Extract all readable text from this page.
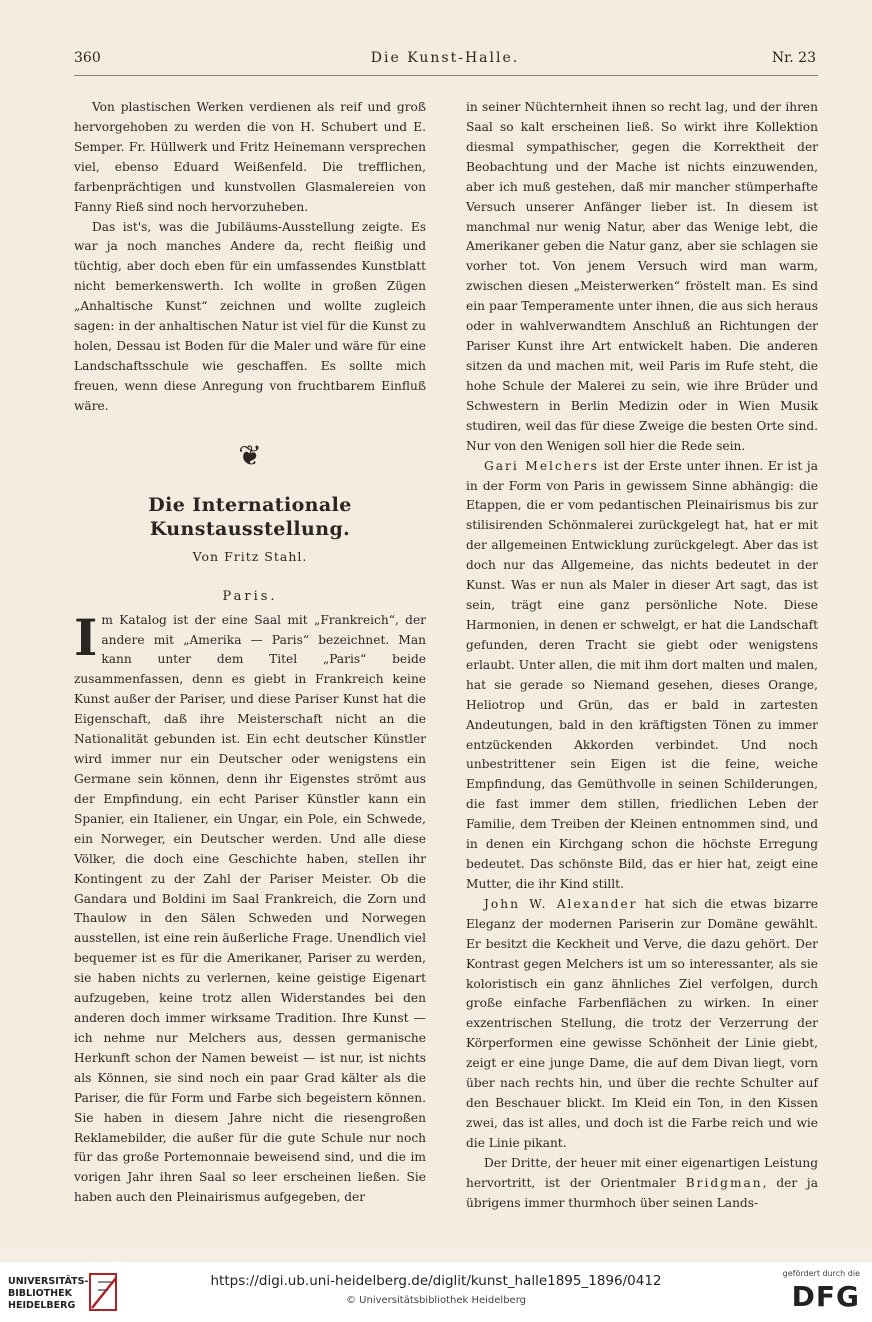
360	Die Kunst-Halle.	Nr. 23

Von plastischen Werken verdienen als reif und groß hervorgehoben zu werden die von H. Schubert und E. Semper. Fr. Hüllwerk und Fritz Heinemann versprechen viel, ebenso Eduard Weißenfeld. Die trefflichen, farbenprächtigen und kunstvollen Glasmalereien von Fanny Rieß sind noch hervorzuheben.

Das ist's, was die Jubiläums-Ausstellung zeigte. Es war ja noch manches Andere da, recht fleißig und tüchtig, aber doch eben für ein umfassendes Kunstblatt nicht bemerkenswerth. Ich wollte in großen Zügen „Anhaltische Kunst“ zeichnen und wollte zugleich sagen: in der anhaltischen Natur ist viel für die Kunst zu holen, Dessau ist Boden für die Maler und wäre für eine Landschaftsschule wie geschaffen. Es sollte mich freuen, wenn diese Anregung von fruchtbarem Einfluß wäre.

❦
Die Internationale Kunstausstellung.
Von Fritz Stahl.
Paris.

Im Katalog ist der eine Saal mit „Frankreich“, der andere mit „Amerika — Paris“ bezeichnet. Man kann unter dem Titel „Paris“ beide zusammenfassen, denn es giebt in Frankreich keine Kunst außer der Pariser, und diese Pariser Kunst hat die Eigenschaft, daß ihre Meisterschaft nicht an die Nationalität gebunden ist. Ein echt deutscher Künstler wird immer nur ein Deutscher oder wenigstens ein Germane sein können, denn ihr Eigenstes strömt aus der Empfindung, ein echt Pariser Künstler kann ein Spanier, ein Italiener, ein Ungar, ein Pole, ein Schwede, ein Norweger, ein Deutscher werden. Und alle diese Völker, die doch eine Geschichte haben, stellen ihr Kontingent zu der Zahl der Pariser Meister. Ob die Gandara und Boldini im Saal Frankreich, die Zorn und Thaulow in den Sälen Schweden und Norwegen ausstellen, ist eine rein äußerliche Frage. Unendlich viel bequemer ist es für die Amerikaner, Pariser zu werden, sie haben nichts zu verlernen, keine geistige Eigenart aufzugeben, keine trotz allen Widerstandes bei den anderen doch immer wirksame Tradition. Ihre Kunst — ich nehme nur Melchers aus, dessen germanische Herkunft schon der Namen beweist — ist nur, ist nichts als Können, sie sind noch ein paar Grad kälter als die Pariser, die für Form und Farbe sich begeistern können. Sie haben in diesem Jahre nicht die riesengroßen Reklamebilder, die außer für die gute Schule nur noch für das große Portemonnaie beweisend sind, und die im vorigen Jahr ihren Saal so leer erscheinen ließen. Sie haben auch den Pleinairismus aufgegeben, der

in seiner Nüchternheit ihnen so recht lag, und der ihren Saal so kalt erscheinen ließ. So wirkt ihre Kollektion diesmal sympathischer, gegen die Korrektheit der Beobachtung und der Mache ist nichts einzuwenden, aber ich muß gestehen, daß mir mancher stümperhafte Versuch unserer Anfänger lieber ist. In diesem ist manchmal nur wenig Natur, aber das Wenige lebt, die Amerikaner geben die Natur ganz, aber sie schlagen sie vorher tot. Von jenem Versuch wird man warm, zwischen diesen „Meisterwerken“ fröstelt man. Es sind ein paar Temperamente unter ihnen, die aus sich heraus oder in wahlverwandtem Anschluß an Richtungen der Pariser Kunst ihre Art entwickelt haben. Die anderen sitzen da und machen mit, weil Paris im Rufe steht, die hohe Schule der Malerei zu sein, wie ihre Brüder und Schwestern in Berlin Medizin oder in Wien Musik studiren, weil das für diese Zweige die besten Orte sind. Nur von den Wenigen soll hier die Rede sein.

Gari Melchers ist der Erste unter ihnen. Er ist ja in der Form von Paris in gewissem Sinne abhängig: die Etappen, die er vom pedantischen Pleinairismus bis zur stilisirenden Schönmalerei zurückgelegt hat, hat er mit der allgemeinen Entwicklung zurückgelegt. Aber das ist doch nur das Allgemeine, das nichts bedeutet in der Kunst. Was er nun als Maler in dieser Art sagt, das ist sein, trägt eine ganz persönliche Note. Diese Harmonien, in denen er schwelgt, er hat die Landschaft gefunden, deren Tracht sie giebt oder wenigstens erlaubt. Unter allen, die mit ihm dort malten und malen, hat sie gerade so Niemand gesehen, dieses Orange, Heliotrop und Grün, das er bald in zartesten Andeutungen, bald in den kräftigsten Tönen zu immer entzückenden Akkorden verbindet. Und noch unbestrittener sein Eigen ist die feine, weiche Empfindung, das Gemüthvolle in seinen Schilderungen, die fast immer dem stillen, friedlichen Leben der Familie, dem Treiben der Kleinen entnommen sind, und in denen ein Kirchgang schon die höchste Erregung bedeutet. Das schönste Bild, das er hier hat, zeigt eine Mutter, die ihr Kind stillt.

John W. Alexander hat sich die etwas bizarre Eleganz der modernen Pariserin zur Domäne gewählt. Er besitzt die Keckheit und Verve, die dazu gehört. Der Kontrast gegen Melchers ist um so interessanter, als sie koloristisch ein ganz ähnliches Ziel verfolgen, durch große einfache Farbenflächen zu wirken. In einer exzentrischen Stellung, die trotz der Verzerrung der Körperformen eine gewisse Schönheit der Linie giebt, zeigt er eine junge Dame, die auf dem Divan liegt, vorn über nach rechts hin, und über die rechte Schulter auf den Beschauer blickt. Im Kleid ein Ton, in den Kissen zwei, das ist alles, und doch ist die Farbe reich und wie die Linie pikant.

Der Dritte, der heuer mit einer eigenartigen Leistung hervortritt, ist der Orientmaler Bridgman, der ja übrigens immer thurmhoch über seinen Lands-

UNIVERSITÄTS-
BIBLIOTHEK
HEIDELBERG
https://digi.ub.uni-heidelberg.de/diglit/kunst_halle1895_1896/0412
© Universitätsbibliothek Heidelberg
gefördert durch die
DFG
